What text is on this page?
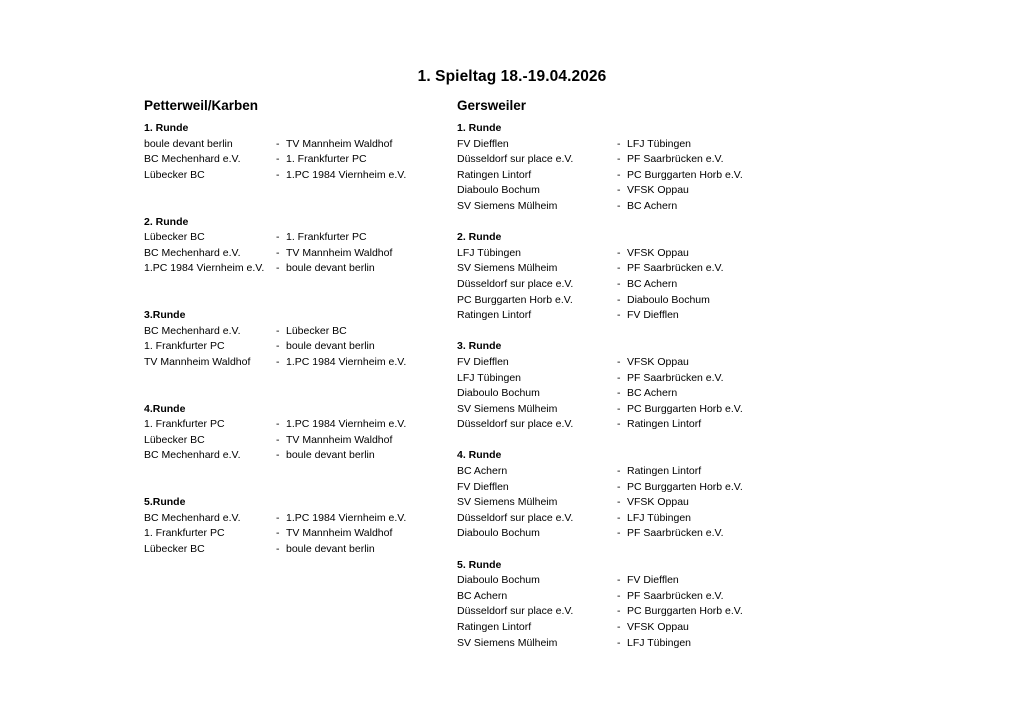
1. Spieltag 18.-19.04.2026
Petterweil/Karben
1. Runde
boule devant berlin	- TV Mannheim Waldhof
BC Mechenhard e.V.	- 1. Frankfurter PC
Lübecker BC	- 1.PC 1984 Viernheim e.V.
2. Runde
Lübecker BC	- 1. Frankfurter PC
BC Mechenhard e.V.	- TV Mannheim Waldhof
1.PC 1984 Viernheim e.V.	- boule devant berlin
3.Runde
BC Mechenhard e.V.	- Lübecker BC
1. Frankfurter PC	- boule devant berlin
TV Mannheim Waldhof	- 1.PC 1984 Viernheim e.V.
4.Runde
1. Frankfurter PC	- 1.PC 1984 Viernheim e.V.
Lübecker BC	- TV Mannheim Waldhof
BC Mechenhard e.V.	- boule devant berlin
5.Runde
BC Mechenhard e.V.	- 1.PC 1984 Viernheim e.V.
1. Frankfurter PC	- TV Mannheim Waldhof
Lübecker BC	- boule devant berlin
Gersweiler
1. Runde
FV Diefflen	- LFJ Tübingen
Düsseldorf sur place e.V.	- PF Saarbrücken e.V.
Ratingen Lintorf	- PC Burggarten Horb e.V.
Diaboulo Bochum	- VFSK Oppau
SV Siemens Mülheim	- BC Achern
2. Runde
LFJ Tübingen	- VFSK Oppau
SV Siemens Mülheim	- PF Saarbrücken e.V.
Düsseldorf sur place e.V.	- BC Achern
PC Burggarten Horb e.V.	- Diaboulo Bochum
Ratingen Lintorf	- FV Diefflen
3. Runde
FV Diefflen	- VFSK Oppau
LFJ Tübingen	- PF Saarbrücken e.V.
Diaboulo Bochum	- BC Achern
SV Siemens Mülheim	- PC Burggarten Horb e.V.
Düsseldorf sur place e.V.	- Ratingen Lintorf
4. Runde
BC Achern	- Ratingen Lintorf
FV Diefflen	- PC Burggarten Horb e.V.
SV Siemens Mülheim	- VFSK Oppau
Düsseldorf sur place e.V.	- LFJ Tübingen
Diaboulo Bochum	- PF Saarbrücken e.V.
5. Runde
Diaboulo Bochum	- FV Diefflen
BC Achern	- PF Saarbrücken e.V.
Düsseldorf sur place e.V.	- PC Burggarten Horb e.V.
Ratingen Lintorf	- VFSK Oppau
SV Siemens Mülheim	- LFJ Tübingen
